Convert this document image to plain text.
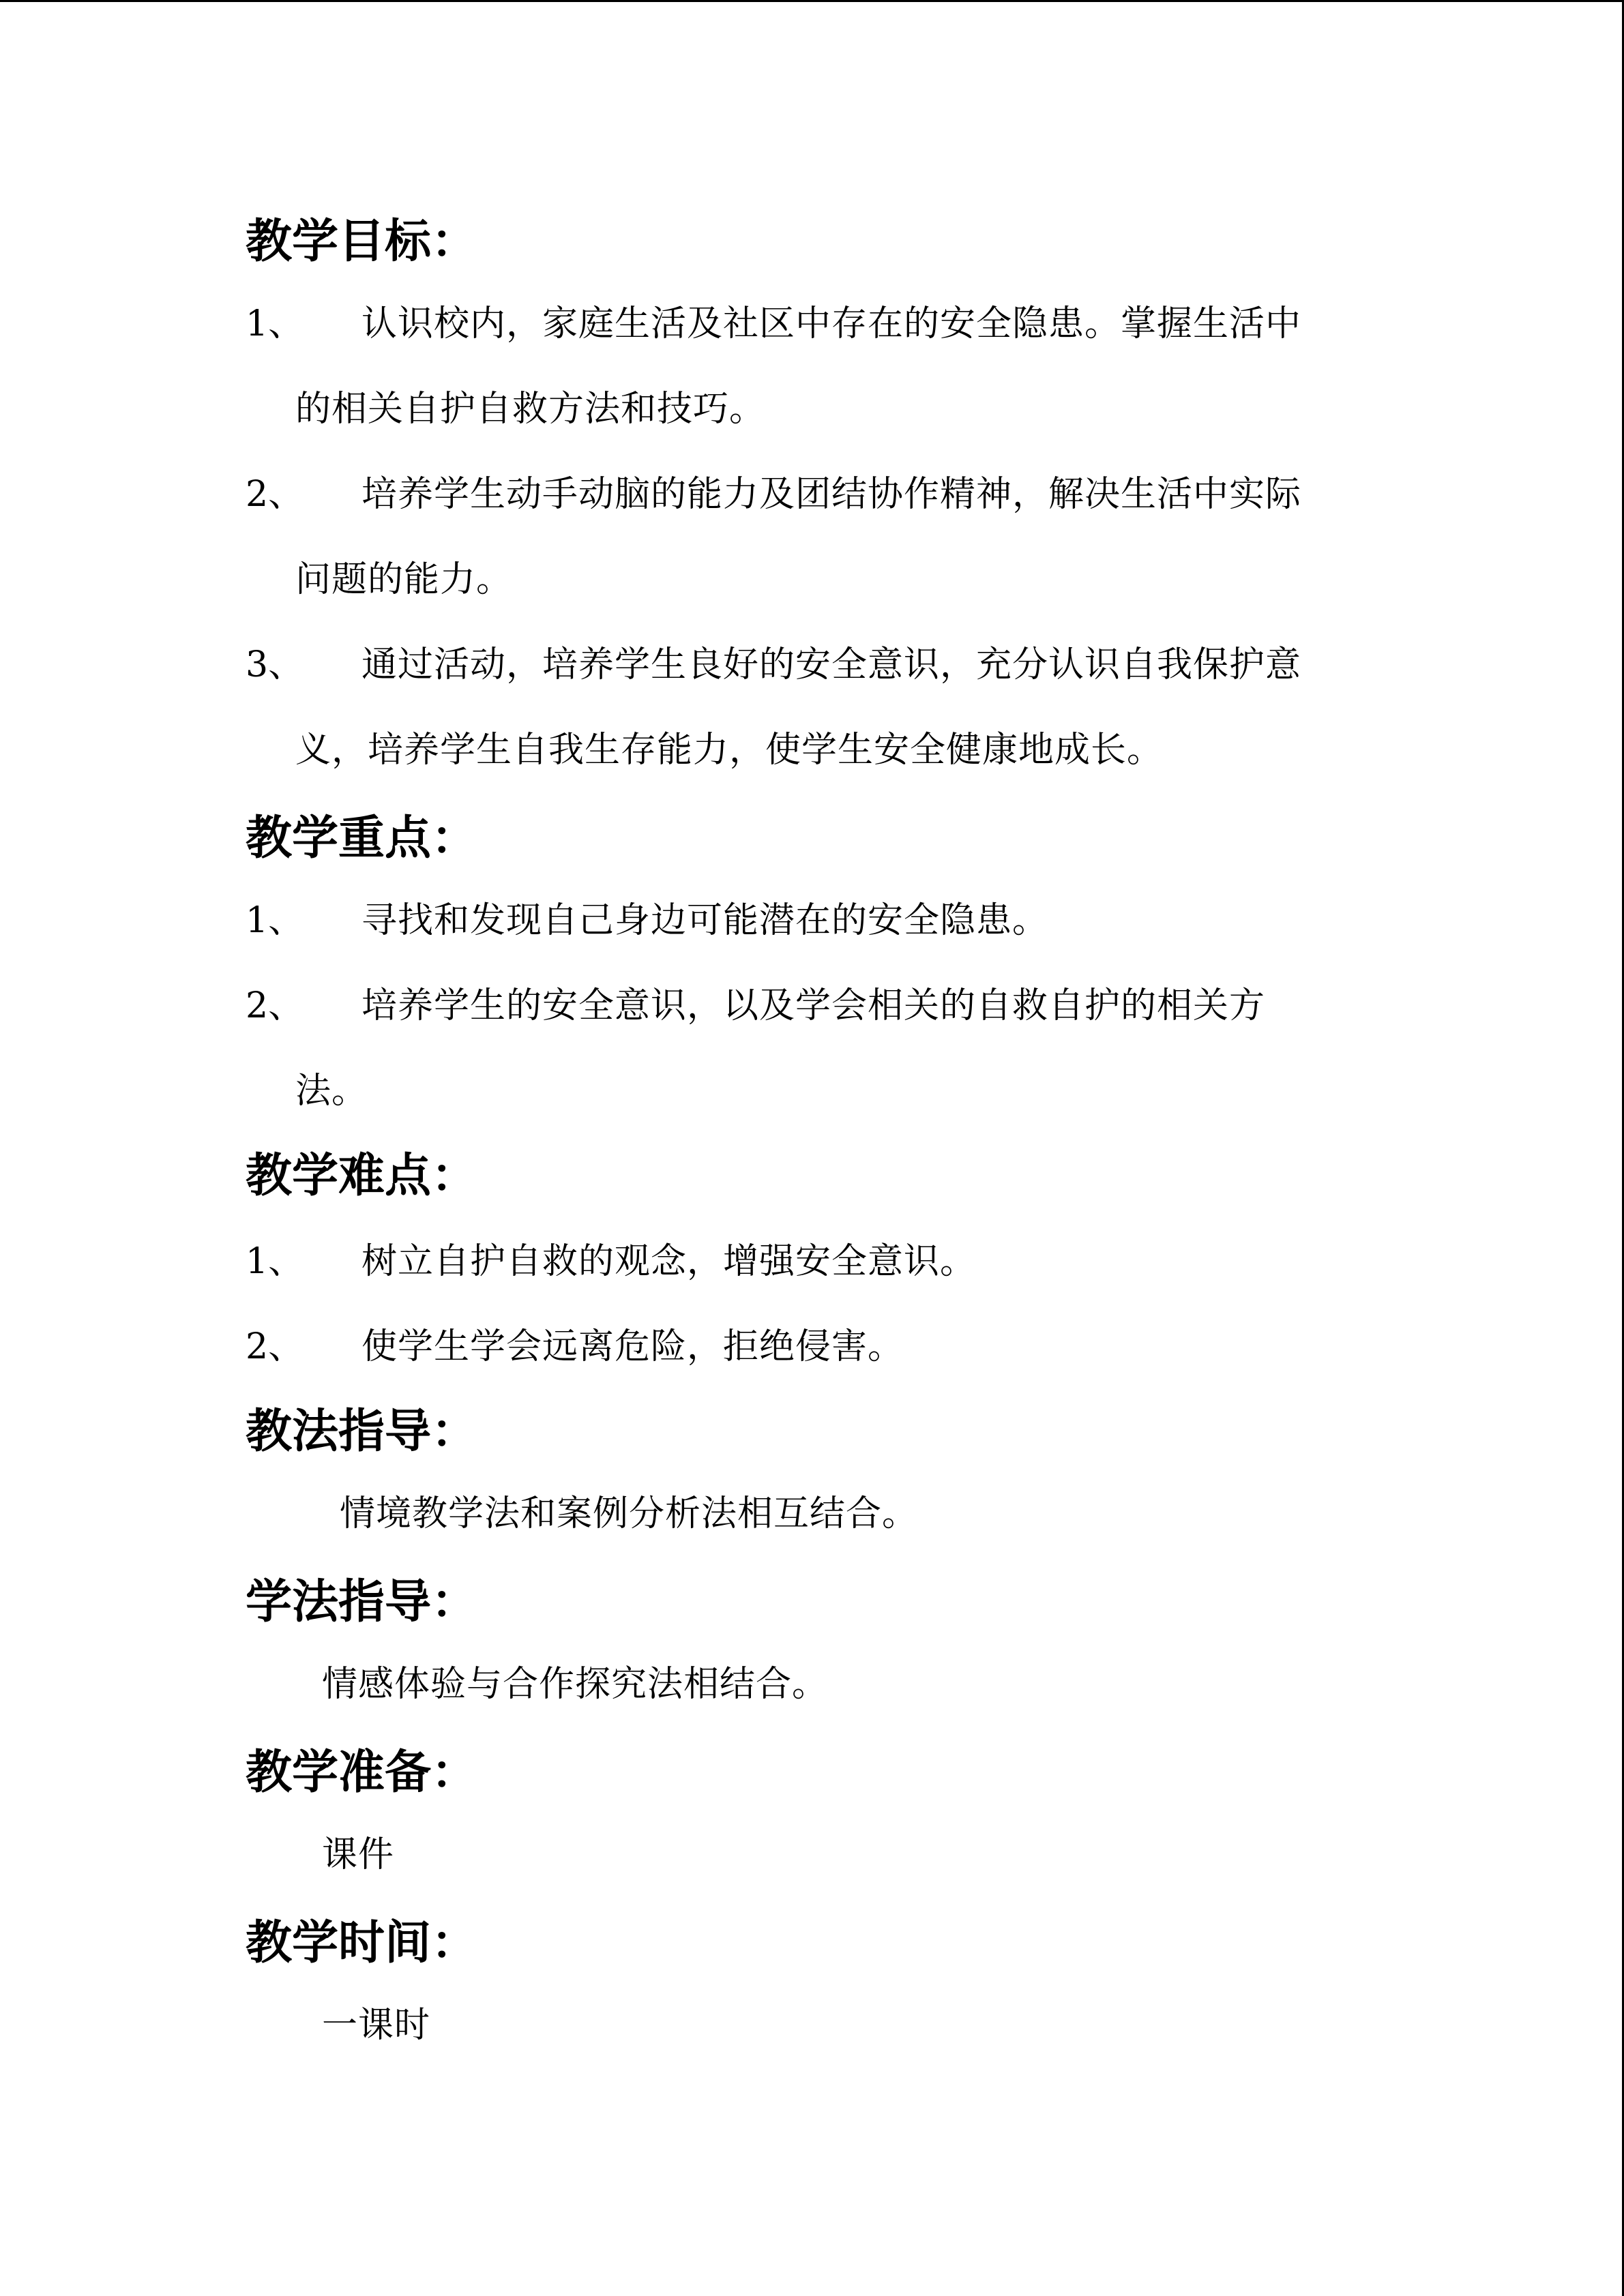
教学目标：
1、 认识校内，家庭生活及社区中存在的安全隐患。掌握生活中
的相关自护自救方法和技巧。
2、 培养学生动手动脑的能力及团结协作精神，解决生活中实际
问题的能力。
3、 通过活动，培养学生良好的安全意识，充分认识自我保护意
义，培养学生自我生存能力，使学生安全健康地成长。
教学重点：
1、 寻找和发现自己身边可能潜在的安全隐患。
2、 培养学生的安全意识，以及学会相关的自救自护的相关方
法。
教学难点：
1、 树立自护自救的观念，增强安全意识。
2、 使学生学会远离危险，拒绝侵害。
教法指导：
情境教学法和案例分析法相互结合。
学法指导：
情感体验与合作探究法相结合。
教学准备：
课件
教学时间：
一课时
